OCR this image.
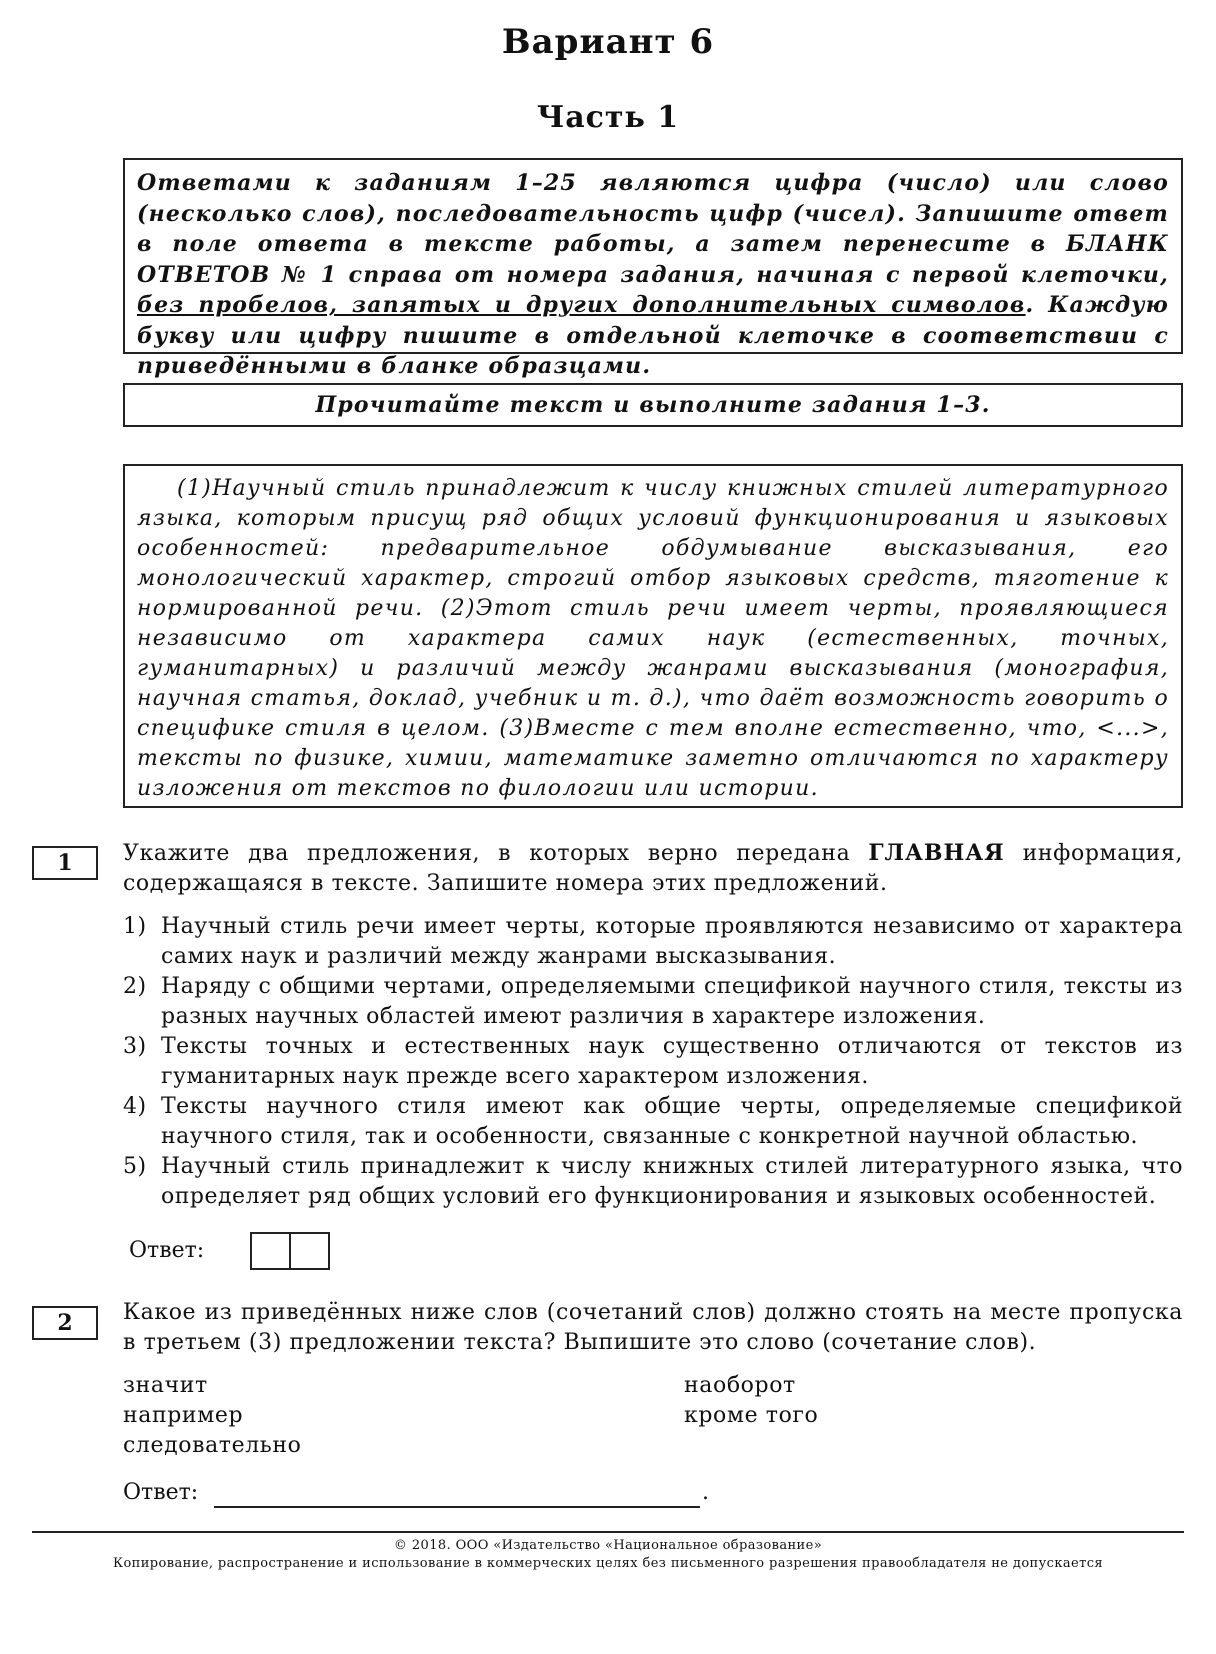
Вариант 6
Часть 1
Ответами к заданиям 1–25 являются цифра (число) или слово (несколько слов), последовательность цифр (чисел). Запишите ответ в поле ответа в тексте работы, а затем перенесите в БЛАНК ОТВЕТОВ № 1 справа от номера задания, начиная с первой клеточки, без пробелов, запятых и других дополнительных символов. Каждую букву или цифру пишите в отдельной клеточке в соответствии с приведёнными в бланке образцами.
Прочитайте текст и выполните задания 1–3.
(1)Научный стиль принадлежит к числу книжных стилей литературного языка, которым присущ ряд общих условий функционирования и языковых особенностей: предварительное обдумывание высказывания, его монологический характер, строгий отбор языковых средств, тяготение к нормированной речи. (2)Этот стиль речи имеет черты, проявляющиеся независимо от характера самих наук (естественных, точных, гуманитарных) и различий между жанрами высказывания (монография, научная статья, доклад, учебник и т. д.), что даёт возможность говорить о специфике стиля в целом. (3)Вместе с тем вполне естественно, что, <...>, тексты по физике, химии, математике заметно отличаются по характеру изложения от текстов по филологии или истории.
1	Укажите два предложения, в которых верно передана ГЛАВНАЯ информация, содержащаяся в тексте. Запишите номера этих предложений.
1) Научный стиль речи имеет черты, которые проявляются независимо от характера самих наук и различий между жанрами высказывания.
2) Наряду с общими чертами, определяемыми спецификой научного стиля, тексты из разных научных областей имеют различия в характере изложения.
3) Тексты точных и естественных наук существенно отличаются от текстов из гуманитарных наук прежде всего характером изложения.
4) Тексты научного стиля имеют как общие черты, определяемые спецификой научного стиля, так и особенности, связанные с конкретной научной областью.
5) Научный стиль принадлежит к числу книжных стилей литературного языка, что определяет ряд общих условий его функционирования и языковых особенностей.
Ответ:
2	Какое из приведённых ниже слов (сочетаний слов) должно стоять на месте пропуска в третьем (3) предложении текста? Выпишите это слово (сочетание слов).
значит
например
следовательно
наоборот
кроме того
Ответ:	.
© 2018. ООО «Издательство «Национальное образование»
Копирование, распространение и использование в коммерческих целях без письменного разрешения правообладателя не допускается
